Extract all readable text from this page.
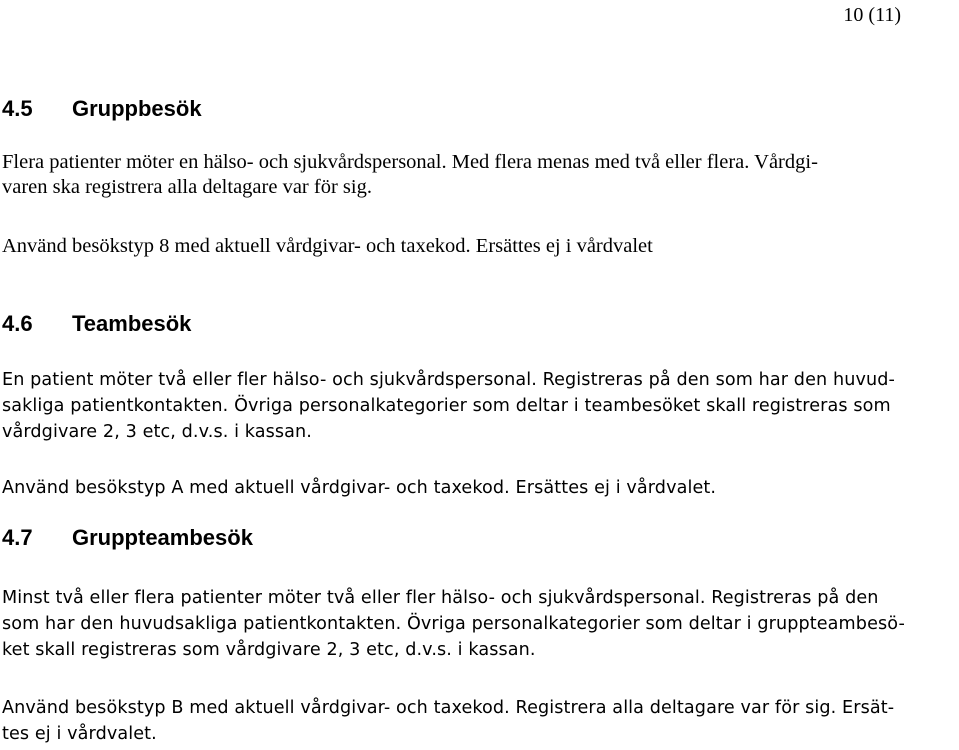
10 (11)
4.5 Gruppbesök
Flera patienter möter en hälso- och sjukvårdspersonal. Med flera menas med två eller flera. Vårdgi-
varen ska registrera alla deltagare var för sig.
Använd besökstyp 8 med aktuell vårdgivar- och taxekod. Ersättes ej i vårdvalet
4.6 Teambesök
En patient möter två eller fler hälso- och sjukvårdspersonal. Registreras på den som har den huvud-
sakliga patientkontakten. Övriga personalkategorier som deltar i teambesöket skall registreras som
vårdgivare 2, 3 etc, d.v.s. i kassan.
Använd besökstyp A med aktuell vårdgivar- och taxekod. Ersättes ej i vårdvalet.
4.7 Gruppteambesök
Minst två eller flera patienter möter två eller fler hälso- och sjukvårdspersonal. Registreras på den
som har den huvudsakliga patientkontakten. Övriga personalkategorier som deltar i gruppteambesö-
ket skall registreras som vårdgivare 2, 3 etc, d.v.s. i kassan.
Använd besökstyp B med aktuell vårdgivar- och taxekod. Registrera alla deltagare var för sig. Ersät-
tes ej i vårdvalet.
